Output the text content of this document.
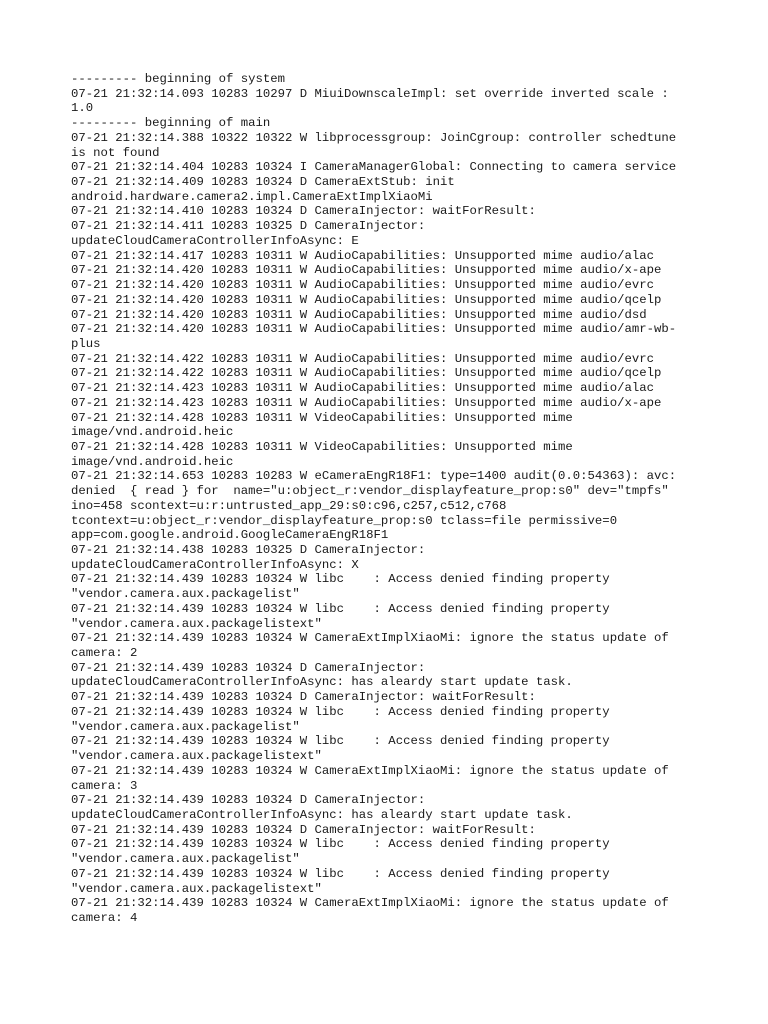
--------- beginning of system
07-21 21:32:14.093 10283 10297 D MiuiDownscaleImpl: set override inverted scale :
1.0
--------- beginning of main
07-21 21:32:14.388 10322 10322 W libprocessgroup: JoinCgroup: controller schedtune
is not found
07-21 21:32:14.404 10283 10324 I CameraManagerGlobal: Connecting to camera service
07-21 21:32:14.409 10283 10324 D CameraExtStub: init
android.hardware.camera2.impl.CameraExtImplXiaoMi
07-21 21:32:14.410 10283 10324 D CameraInjector: waitForResult:
07-21 21:32:14.411 10283 10325 D CameraInjector:
updateCloudCameraControllerInfoAsync: E
07-21 21:32:14.417 10283 10311 W AudioCapabilities: Unsupported mime audio/alac
07-21 21:32:14.420 10283 10311 W AudioCapabilities: Unsupported mime audio/x-ape
07-21 21:32:14.420 10283 10311 W AudioCapabilities: Unsupported mime audio/evrc
07-21 21:32:14.420 10283 10311 W AudioCapabilities: Unsupported mime audio/qcelp
07-21 21:32:14.420 10283 10311 W AudioCapabilities: Unsupported mime audio/dsd
07-21 21:32:14.420 10283 10311 W AudioCapabilities: Unsupported mime audio/amr-wb-
plus
07-21 21:32:14.422 10283 10311 W AudioCapabilities: Unsupported mime audio/evrc
07-21 21:32:14.422 10283 10311 W AudioCapabilities: Unsupported mime audio/qcelp
07-21 21:32:14.423 10283 10311 W AudioCapabilities: Unsupported mime audio/alac
07-21 21:32:14.423 10283 10311 W AudioCapabilities: Unsupported mime audio/x-ape
07-21 21:32:14.428 10283 10311 W VideoCapabilities: Unsupported mime
image/vnd.android.heic
07-21 21:32:14.428 10283 10311 W VideoCapabilities: Unsupported mime
image/vnd.android.heic
07-21 21:32:14.653 10283 10283 W eCameraEngR18F1: type=1400 audit(0.0:54363): avc:
denied  { read } for  name="u:object_r:vendor_displayfeature_prop:s0" dev="tmpfs"
ino=458 scontext=u:r:untrusted_app_29:s0:c96,c257,c512,c768
tcontext=u:object_r:vendor_displayfeature_prop:s0 tclass=file permissive=0
app=com.google.android.GoogleCameraEngR18F1
07-21 21:32:14.438 10283 10325 D CameraInjector:
updateCloudCameraControllerInfoAsync: X
07-21 21:32:14.439 10283 10324 W libc    : Access denied finding property
"vendor.camera.aux.packagelist"
07-21 21:32:14.439 10283 10324 W libc    : Access denied finding property
"vendor.camera.aux.packagelistext"
07-21 21:32:14.439 10283 10324 W CameraExtImplXiaoMi: ignore the status update of
camera: 2
07-21 21:32:14.439 10283 10324 D CameraInjector:
updateCloudCameraControllerInfoAsync: has aleardy start update task.
07-21 21:32:14.439 10283 10324 D CameraInjector: waitForResult:
07-21 21:32:14.439 10283 10324 W libc    : Access denied finding property
"vendor.camera.aux.packagelist"
07-21 21:32:14.439 10283 10324 W libc    : Access denied finding property
"vendor.camera.aux.packagelistext"
07-21 21:32:14.439 10283 10324 W CameraExtImplXiaoMi: ignore the status update of
camera: 3
07-21 21:32:14.439 10283 10324 D CameraInjector:
updateCloudCameraControllerInfoAsync: has aleardy start update task.
07-21 21:32:14.439 10283 10324 D CameraInjector: waitForResult:
07-21 21:32:14.439 10283 10324 W libc    : Access denied finding property
"vendor.camera.aux.packagelist"
07-21 21:32:14.439 10283 10324 W libc    : Access denied finding property
"vendor.camera.aux.packagelistext"
07-21 21:32:14.439 10283 10324 W CameraExtImplXiaoMi: ignore the status update of
camera: 4
